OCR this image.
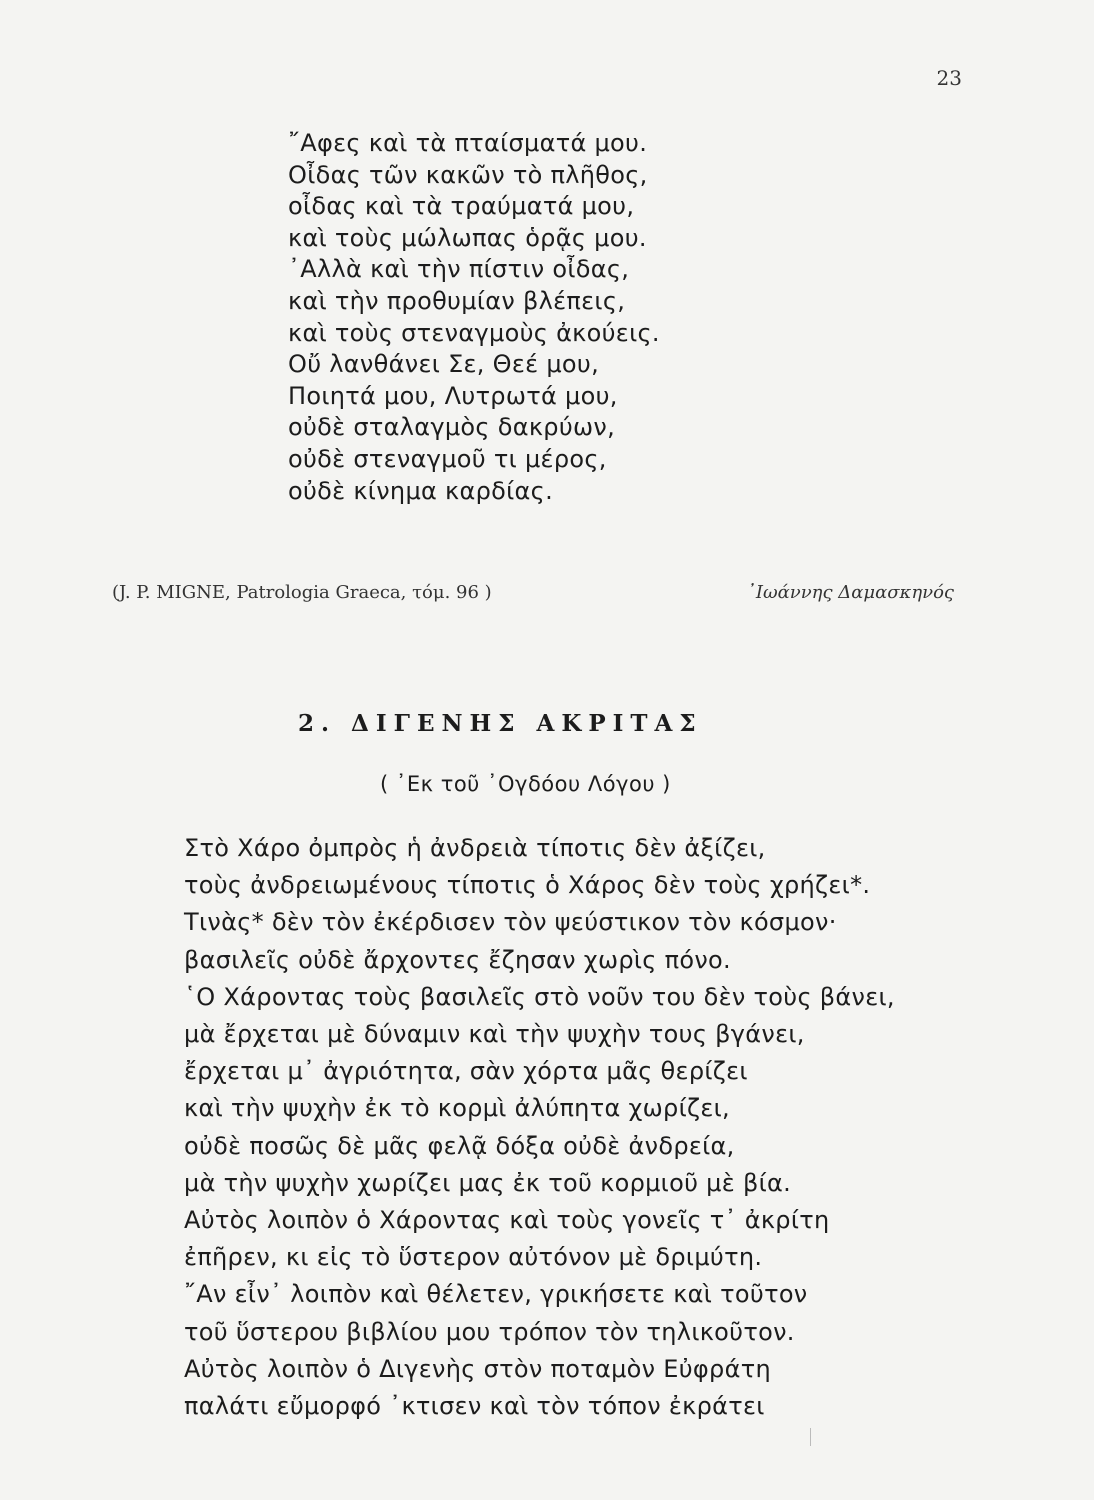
23
῎Αφες καὶ τὰ πταίσματά μου.
Οἶδας τῶν κακῶν τὸ πλῆθος,
οἶδας καὶ τὰ τραύματά μου,
καὶ τοὺς μώλωπας ὁρᾷς μου.
᾽Αλλὰ καὶ τὴν πίστιν οἶδας,
καὶ τὴν προθυμίαν βλέπεις,
καὶ τοὺς στεναγμοὺς ἀκούεις.
Οὔ λανθάνει Σε, Θεέ μου,
Ποιητά μου, Λυτρωτά μου,
οὐδὲ σταλαγμὸς δακρύων,
οὐδὲ στεναγμοῦ τι μέρος,
οὐδὲ κίνημα καρδίας.
(J. P. MIGNE, Patrologia Graeca, τόμ. 96 )	᾽Ιωάννης Δαμασκηνός
2. ΔΙΓΕΝΗΣ ΑΚΡΙΤΑΣ
( ᾽Εκ τοῦ ᾽Ογδόου Λόγου )
Στὸ Χάρο ὀμπρὸς ἡ ἀνδρειὰ τίποτις δὲν ἀξίζει,
τοὺς ἀνδρειωμένους τίποτις ὁ Χάρος δὲν τοὺς χρήζει*.
Τινὰς* δὲν τὸν ἐκέρδισεν τὸν ψεύστικον τὸν κόσμον·
βασιλεῖς οὐδὲ ἄρχοντες ἔζησαν χωρὶς πόνο.
῾Ο Χάροντας τοὺς βασιλεῖς στὸ νοῦν του δὲν τοὺς βάνει,
μὰ ἔρχεται μὲ δύναμιν καὶ τὴν ψυχὴν τους βγάνει,
ἔρχεται μ᾽ ἀγριότητα, σὰν χόρτα μᾶς θερίζει
καὶ τὴν ψυχὴν ἐκ τὸ κορμὶ ἀλύπητα χωρίζει,
οὐδὲ ποσῶς δὲ μᾶς φελᾷ δόξα οὐδὲ ἀνδρεία,
μὰ τὴν ψυχὴν χωρίζει μας ἐκ τοῦ κορμιοῦ μὲ βία.
Αὐτὸς λοιπὸν ὁ Χάροντας καὶ τοὺς γονεῖς τ᾽ ἀκρίτη
ἐπῆρεν, κι εἰς τὸ ὕστερον αὐτόνον μὲ δριμύτη.
῎Αν εἶν᾽ λοιπὸν καὶ θέλετεν, γρικήσετε καὶ τοῦτον
τοῦ ὕστερου βιβλίου μου τρόπον τὸν τηλικοῦτον.
Αὐτὸς λοιπὸν ὁ Διγενὴς στὸν ποταμὸν Εὐφράτη
παλάτι εὔμορφό ᾽κτισεν καὶ τὸν τόπον ἐκράτει
